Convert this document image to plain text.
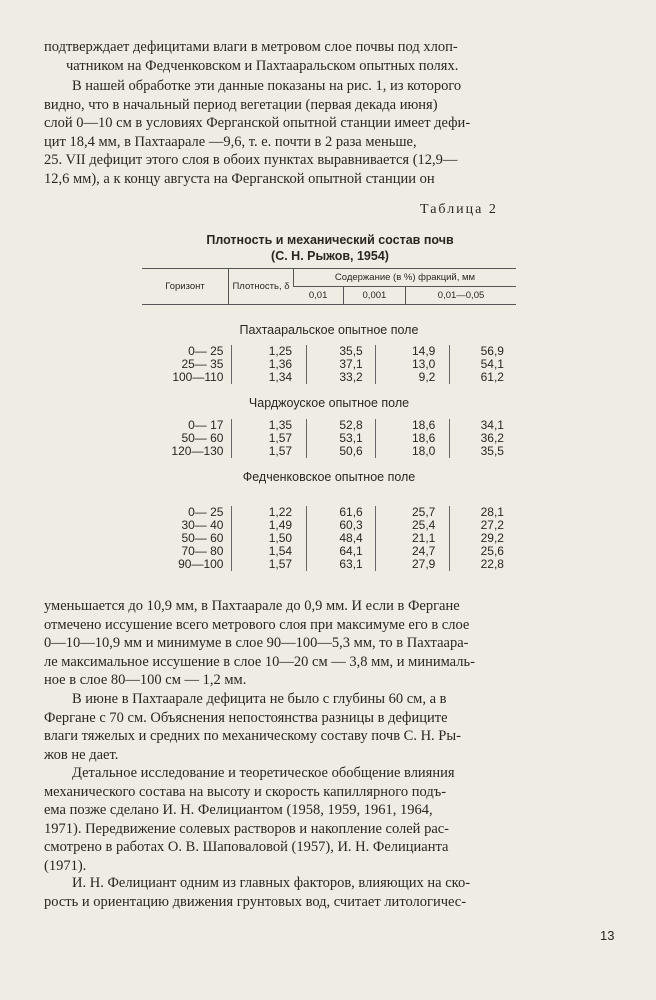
подтверждает дефицитами влаги в метровом слое почвы под хлоп-
чатником на Федченковском и Пахтааральском опытных полях.

В нашей обработке эти данные показаны на рис. 1, из которого
видно, что в начальный период вегетации (первая декада июня)
слой 0—10 см в условиях Ферганской опытной станции имеет дефи-
цит 18,4 мм, в Пахтаарале —9,6, т. е. почти в 2 раза меньше,
25. VII дефицит этого слоя в обоих пунктах выравнивается (12,9—
12,6 мм), а к концу августа на Ферганской опытной станции он

Таблица 2
Плотность и механический состав почв
(С. Н. Рыжов, 1954)
Горизонт	Плотность, δ	Содержание (в %) фракций, мм		
		0,01	0,001	0,01—0,05
Пахтааральское опытное поле
0— 25	1,25	35,5	14,9	56,9
25— 35	1,36	37,1	13,0	54,1
100—110	1,34	33,2	9,2	61,2
Чарджоуское опытное поле
0— 17	1,35	52,8	18,6	34,1
50— 60	1,57	53,1	18,6	36,2
120—130	1,57	50,6	18,0	35,5
Федченковское опытное поле
0— 25	1,22	61,6	25,7	28,1
30— 40	1,49	60,3	25,4	27,2
50— 60	1,50	48,4	21,1	29,2
70— 80	1,54	64,1	24,7	25,6
90—100	1,57	63,1	27,9	22,8

уменьшается до 10,9 мм, в Пахтаарале до 0,9 мм. И если в Фергане
отмечено иссушение всего метрового слоя при максимуме его в слое
0—10—10,9 мм и минимуме в слое 90—100—5,3 мм, то в Пахтаара-
ле максимальное иссушение в слое 10—20 см — 3,8 мм, и минималь-
ное в слое 80—100 см — 1,2 мм.

В июне в Пахтаарале дефицита не было с глубины 60 см, а в
Фергане с 70 см. Объяснения непостоянства разницы в дефиците
влаги тяжелых и средних по механическому составу почв С. Н. Ры-
жов не дает.

Детальное исследование и теоретическое обобщение влияния
механического состава на высоту и скорость капиллярного подъ-
ема позже сделано И. Н. Фелициантом (1958, 1959, 1961, 1964,
1971). Передвижение солевых растворов и накопление солей рас-
смотрено в работах О. В. Шаповаловой (1957), И. Н. Фелицианта
(1971).

И. Н. Фелициант одним из главных факторов, влияющих на ско-
рость и ориентацию движения грунтовых вод, считает литологичес-

13
